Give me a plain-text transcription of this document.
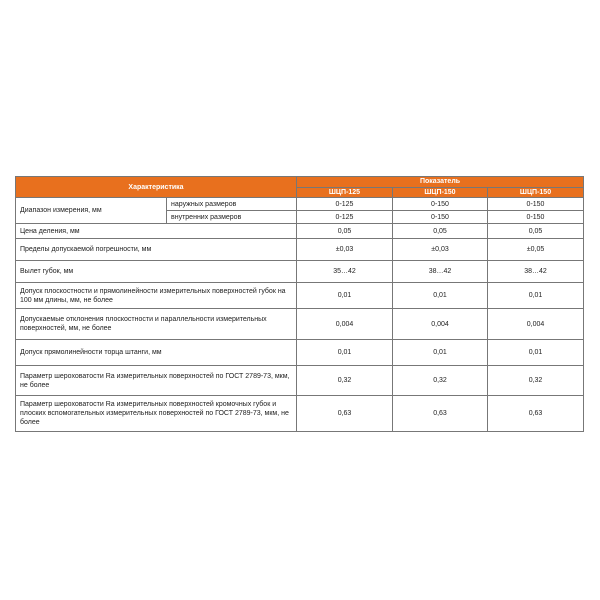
Характеристика		Показатель		
		ШЦП-125	ШЦП-150	ШЦП-150
Диапазон измерения, мм	наружных размеров	0-125	0-150	0-150
	внутренних размеров	0-125	0-150	0-150
Цена деления, мм		0,05	0,05	0,05
Пределы допускаемой погрешности, мм		±0,03	±0,03	±0,05
Вылет губок, мм		35…42	38…42	38…42
Допуск плоскостности и прямолинейности измерительных поверхностей губок на 100 мм длины, мм, не более		0,01	0,01	0,01
Допускаемые отклонения плоскостности и параллельности измерительных поверхностей, мм, не более		0,004	0,004	0,004
Допуск прямолинейности торца штанги, мм		0,01	0,01	0,01
Параметр шероховатости Ra измерительных поверхностей по ГОСТ 2789-73, мкм, не более		0,32	0,32	0,32
Параметр шероховатости Ra измерительных поверхностей кромочных губок и плоских вспомогательных измерительных поверхностей по ГОСТ 2789-73, мкм, не более		0,63	0,63	0,63
